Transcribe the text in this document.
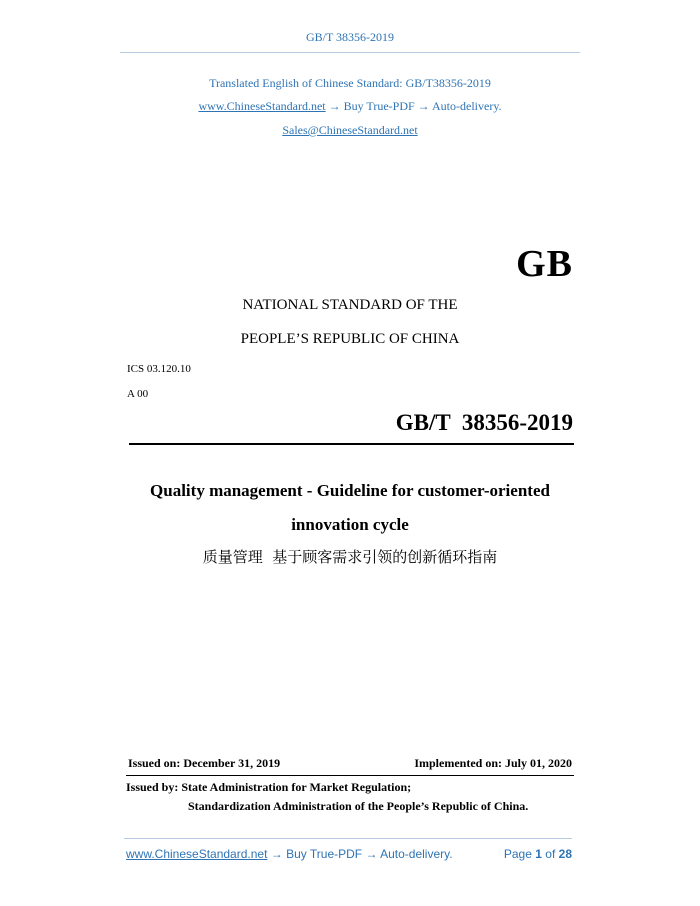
GB/T 38356-2019
Translated English of Chinese Standard: GB/T38356-2019
www.ChineseStandard.net → Buy True-PDF → Auto-delivery.
Sales@ChineseStandard.net
GB
NATIONAL STANDARD OF THE
PEOPLE’S REPUBLIC OF CHINA
ICS 03.120.10
A 00
GB/T  38356-2019
Quality management - Guideline for customer-oriented
innovation cycle
质量管理  基于顾客需求引领的创新循环指南
Issued on: December 31, 2019	Implemented on: July 01, 2020
Issued by: State Administration for Market Regulation;
Standardization Administration of the People’s Republic of China.
www.ChineseStandard.net → Buy True-PDF → Auto-delivery.	Page 1 of 28
